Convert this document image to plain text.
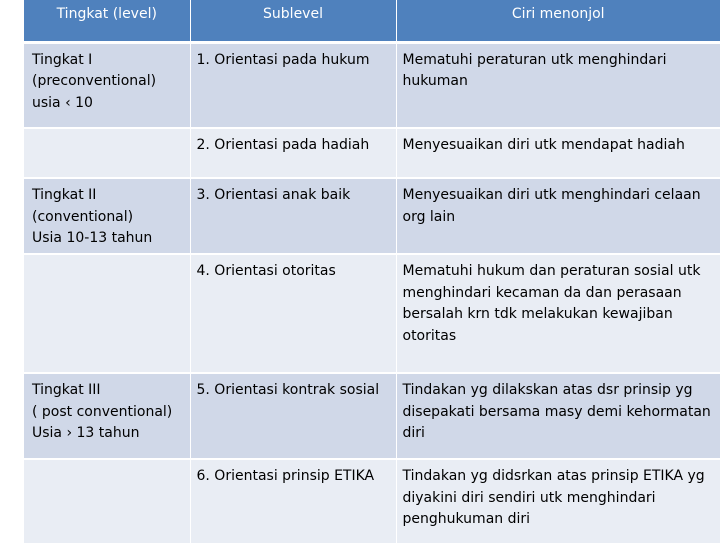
Tingkat (level)	Sublevel	Ciri menonjol

Tingkat I
(preconventional)
usia ‹ 10	1. Orientasi pada hukum	Mematuhi peraturan utk menghindari hukuman
	2. Orientasi pada hadiah	Menyesuaikan diri utk mendapat hadiah

Tingkat II
(conventional)
Usia 10-13 tahun	3. Orientasi anak baik	Menyesuaikan diri utk menghindari celaan org lain
	4. Orientasi otoritas	Mematuhi hukum dan peraturan sosial utk menghindari kecaman da dan perasaan bersalah krn tdk melakukan kewajiban otoritas

Tingkat III
( post conventional)
Usia › 13 tahun	5. Orientasi kontrak sosial	Tindakan yg dilakskan atas dsr prinsip yg disepakati bersama masy demi kehormatan diri
	6. Orientasi prinsip ETIKA	Tindakan yg didsrkan atas prinsip ETIKA yg diyakini diri sendiri utk menghindari penghukuman diri
